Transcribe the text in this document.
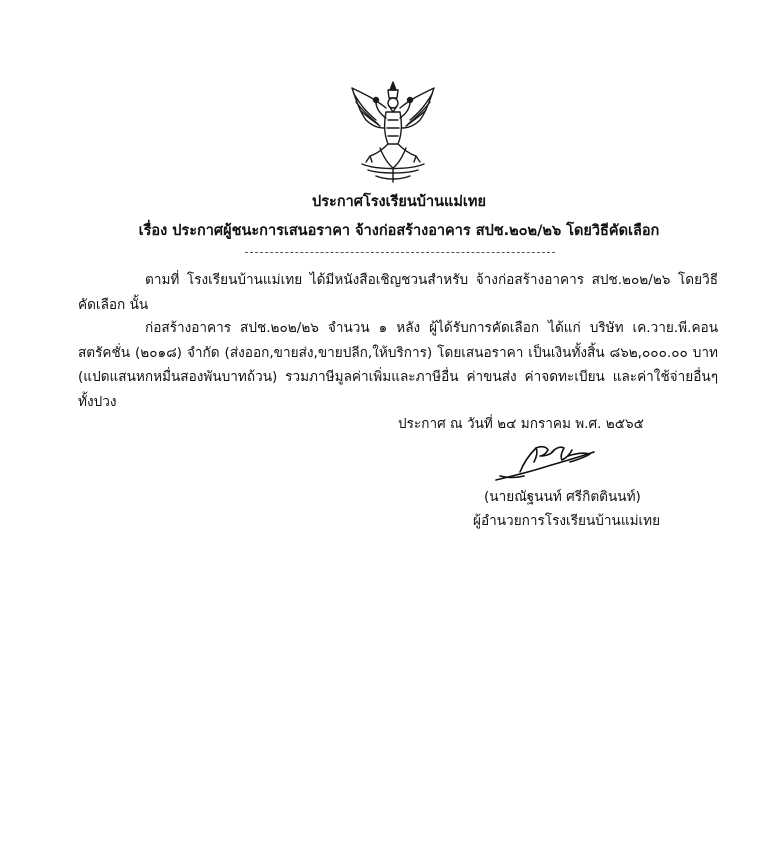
ประกาศโรงเรียนบ้านแม่เทย
เรื่อง ประกาศผู้ชนะการเสนอราคา จ้างก่อสร้างอาคาร สปช.๒๐๒/๒๖ โดยวิธีคัดเลือก
ตามที่ โรงเรียนบ้านแม่เทย ได้มีหนังสือเชิญชวนสำหรับ จ้างก่อสร้างอาคาร สปช.๒๐๒/๒๖ โดยวิธีคัดเลือก นั้น
ก่อสร้างอาคาร สปช.๒๐๒/๒๖ จำนวน ๑ หลัง ผู้ได้รับการคัดเลือก ได้แก่ บริษัท เค.วาย.พี.คอนสตรัคชั่น (๒๐๑๘) จำกัด (ส่งออก,ขายส่ง,ขายปลีก,ให้บริการ) โดยเสนอราคา เป็นเงินทั้งสิ้น ๘๖๒,๐๐๐.๐๐ บาท (แปดแสนหกหมื่นสองพันบาทถ้วน) รวมภาษีมูลค่าเพิ่มและภาษีอื่น ค่าขนส่ง ค่าจดทะเบียน และค่าใช้จ่ายอื่นๆ ทั้งปวง
ประกาศ ณ วันที่ ๒๔ มกราคม พ.ศ. ๒๕๖๕
(นายณัฐนนท์ ศรีกิตตินนท์)
ผู้อำนวยการโรงเรียนบ้านแม่เทย
